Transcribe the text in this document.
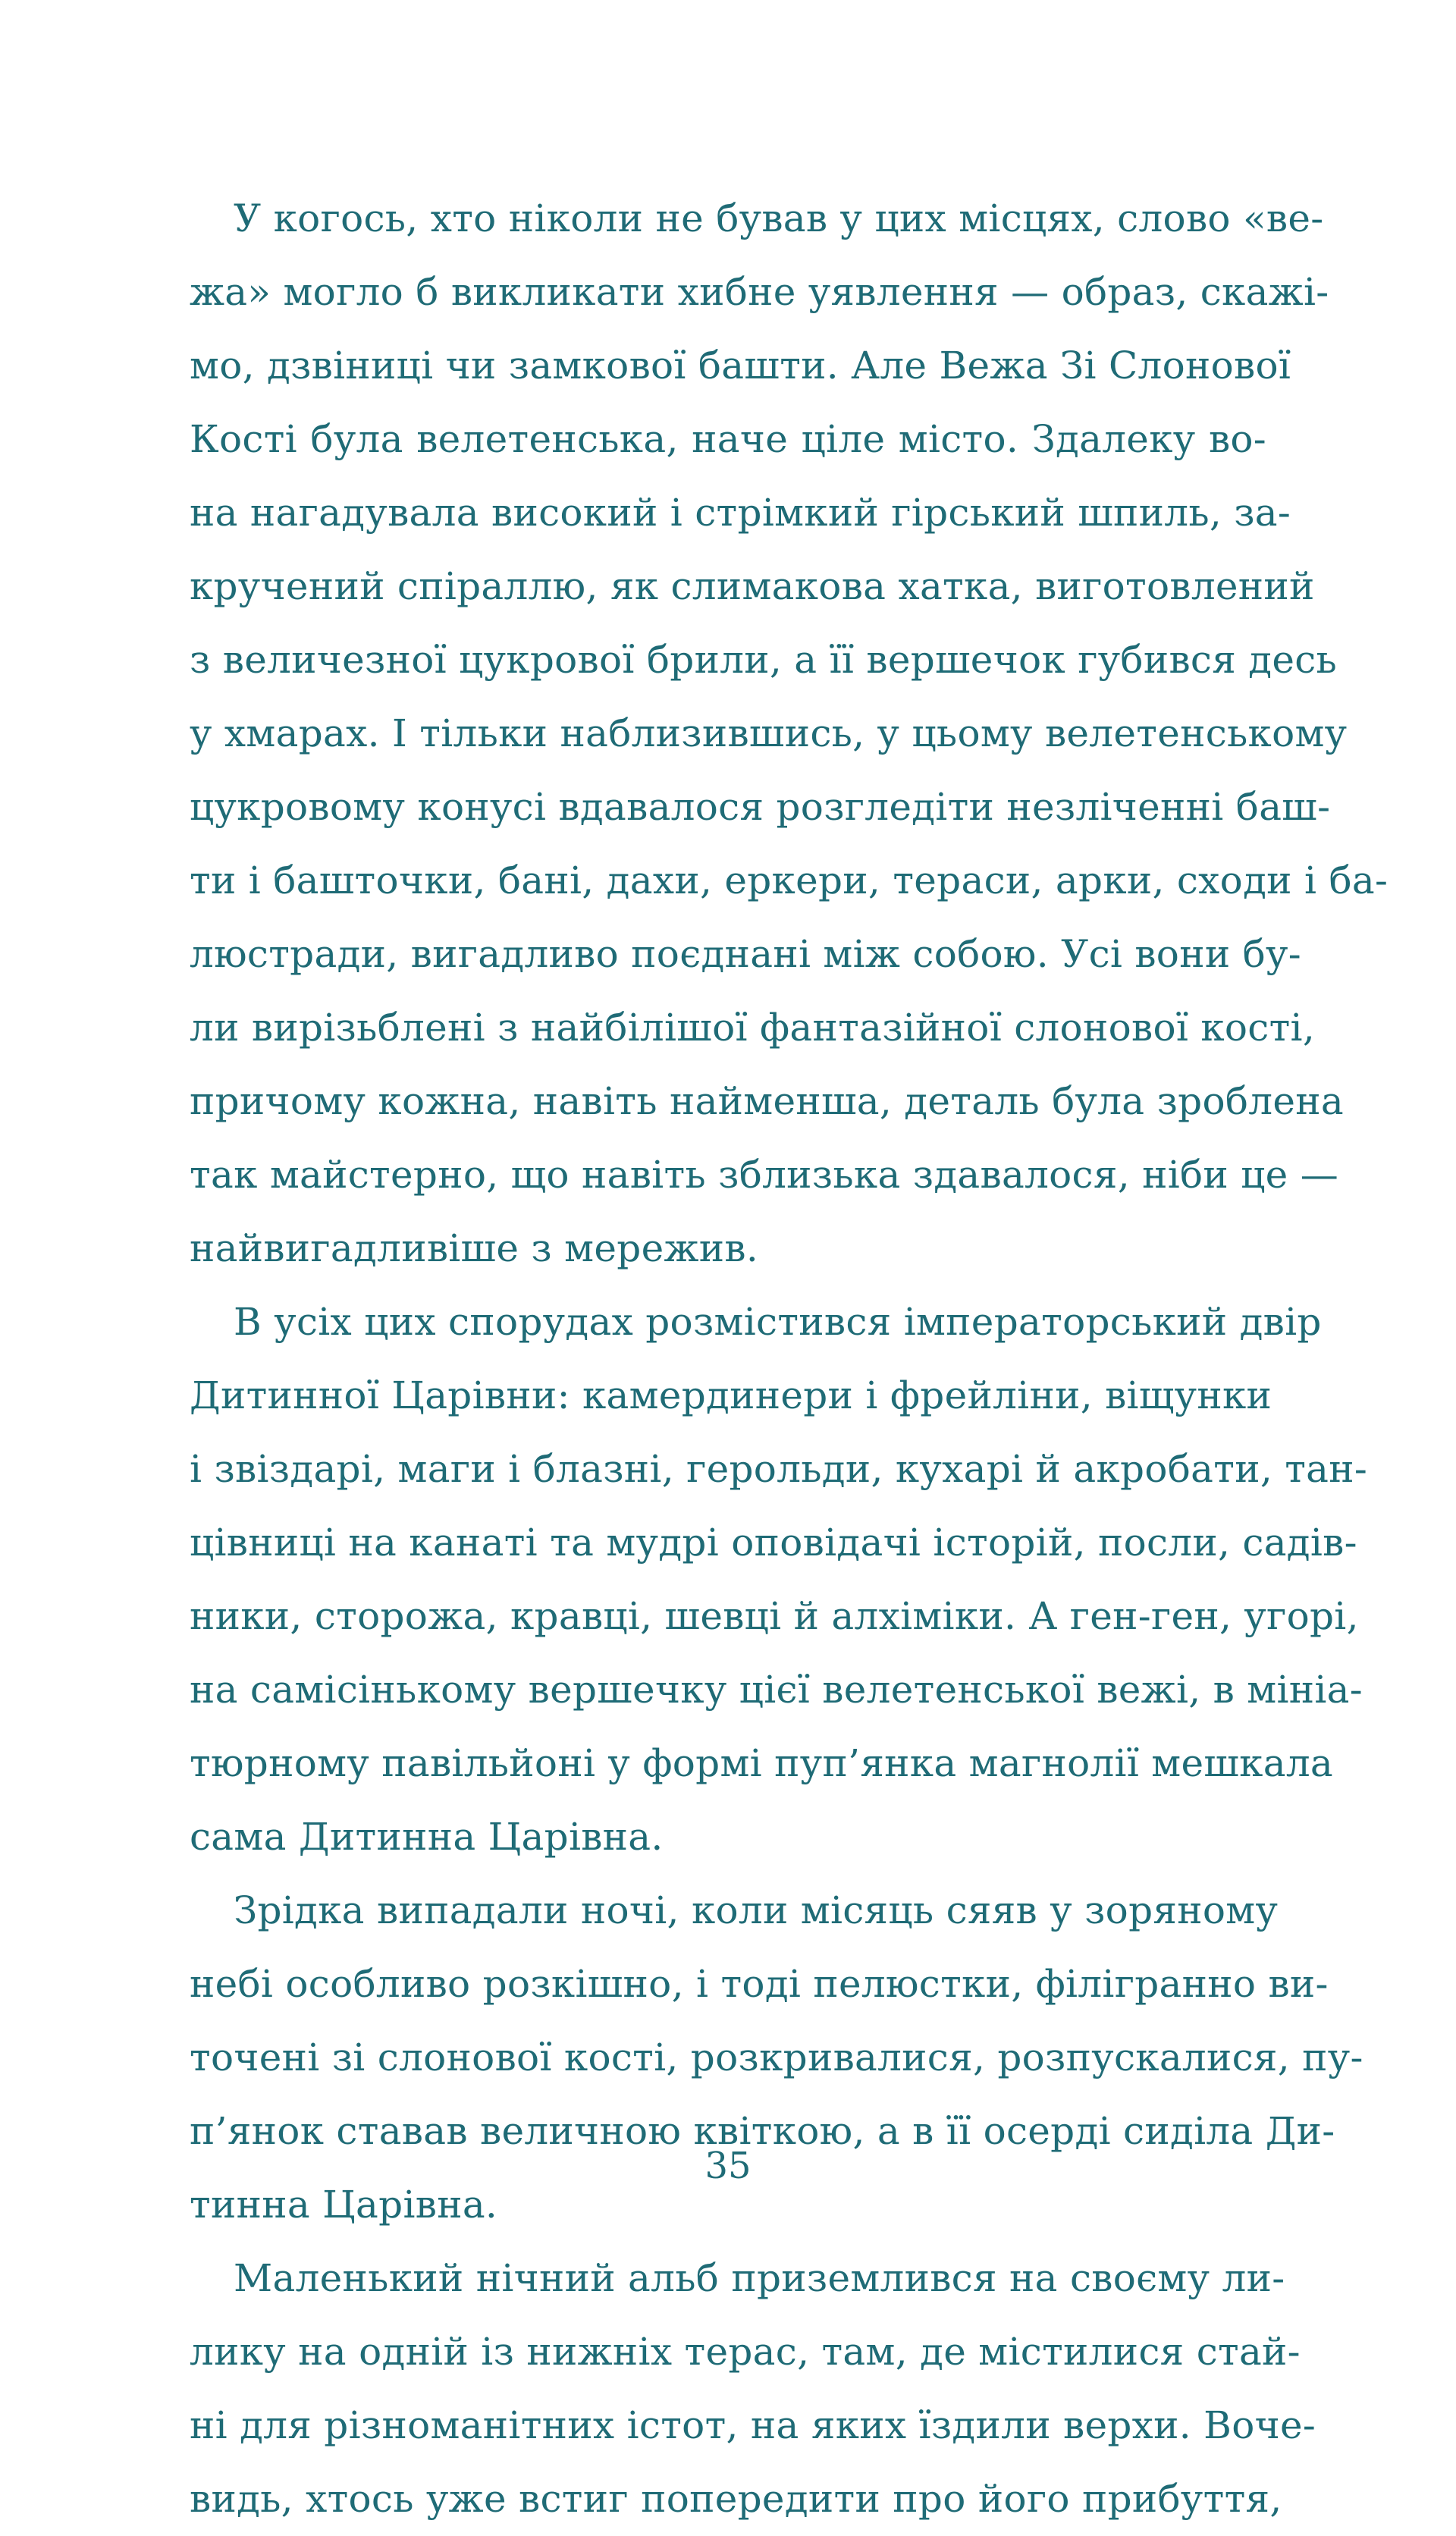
У когось, хто ніколи не бував у цих місцях, слово «ве-
жа» могло б викликати хибне уявлення — образ, скажі-
мо, дзвіниці чи замкової башти. Але Вежа Зі Слонової
Кості була велетенська, наче ціле місто. Здалеку во-
на нагадувала високий і стрімкий гірський шпиль, за-
кручений спіраллю, як слимакова хатка, виготовлений
з величезної цукрової брили, а її вершечок губився десь
у хмарах. І тільки наблизившись, у цьому велетенському
цукровому конусі вдавалося розгледіти незліченні баш-
ти і башточки, бані, дахи, еркери, тераси, арки, сходи і ба-
люстради, вигадливо поєднані між собою. Усі вони бу-
ли вирізьблені з найбілішої фантазійної слонової кості,
причому кожна, навіть найменша, деталь була зроблена
так майстерно, що навіть зблизька здавалося, ніби це —
найвигадливіше з мережив.

В усіх цих спорудах розмістився імператорський двір
Дитинної Царівни: камердинери і фрейліни, віщунки
і звіздарі, маги і блазні, герольди, кухарі й акробати, тан-
цівниці на канаті та мудрі оповідачі історій, посли, садів-
ники, сторожа, кравці, шевці й алхіміки. А ген-ген, угорі,
на самісінькому вершечку цієї велетенської вежі, в мініа-
тюрному павільйоні у формі пуп’янка магнолії мешкала
сама Дитинна Царівна.

Зрідка випадали ночі, коли місяць сяяв у зоряному
небі особливо розкішно, і тоді пелюстки, філігранно ви-
точені зі слонової кості, розкривалися, розпускалися, пу-
п’янок ставав величною квіткою, а в її осерді сиділа Ди-
тинна Царівна.

Маленький нічний альб приземлився на своєму ли-
лику на одній із нижніх терас, там, де містилися стай-
ні для різноманітних істот, на яких їздили верхи. Воче-
видь, хтось уже встиг попередити про його прибуття,

35
